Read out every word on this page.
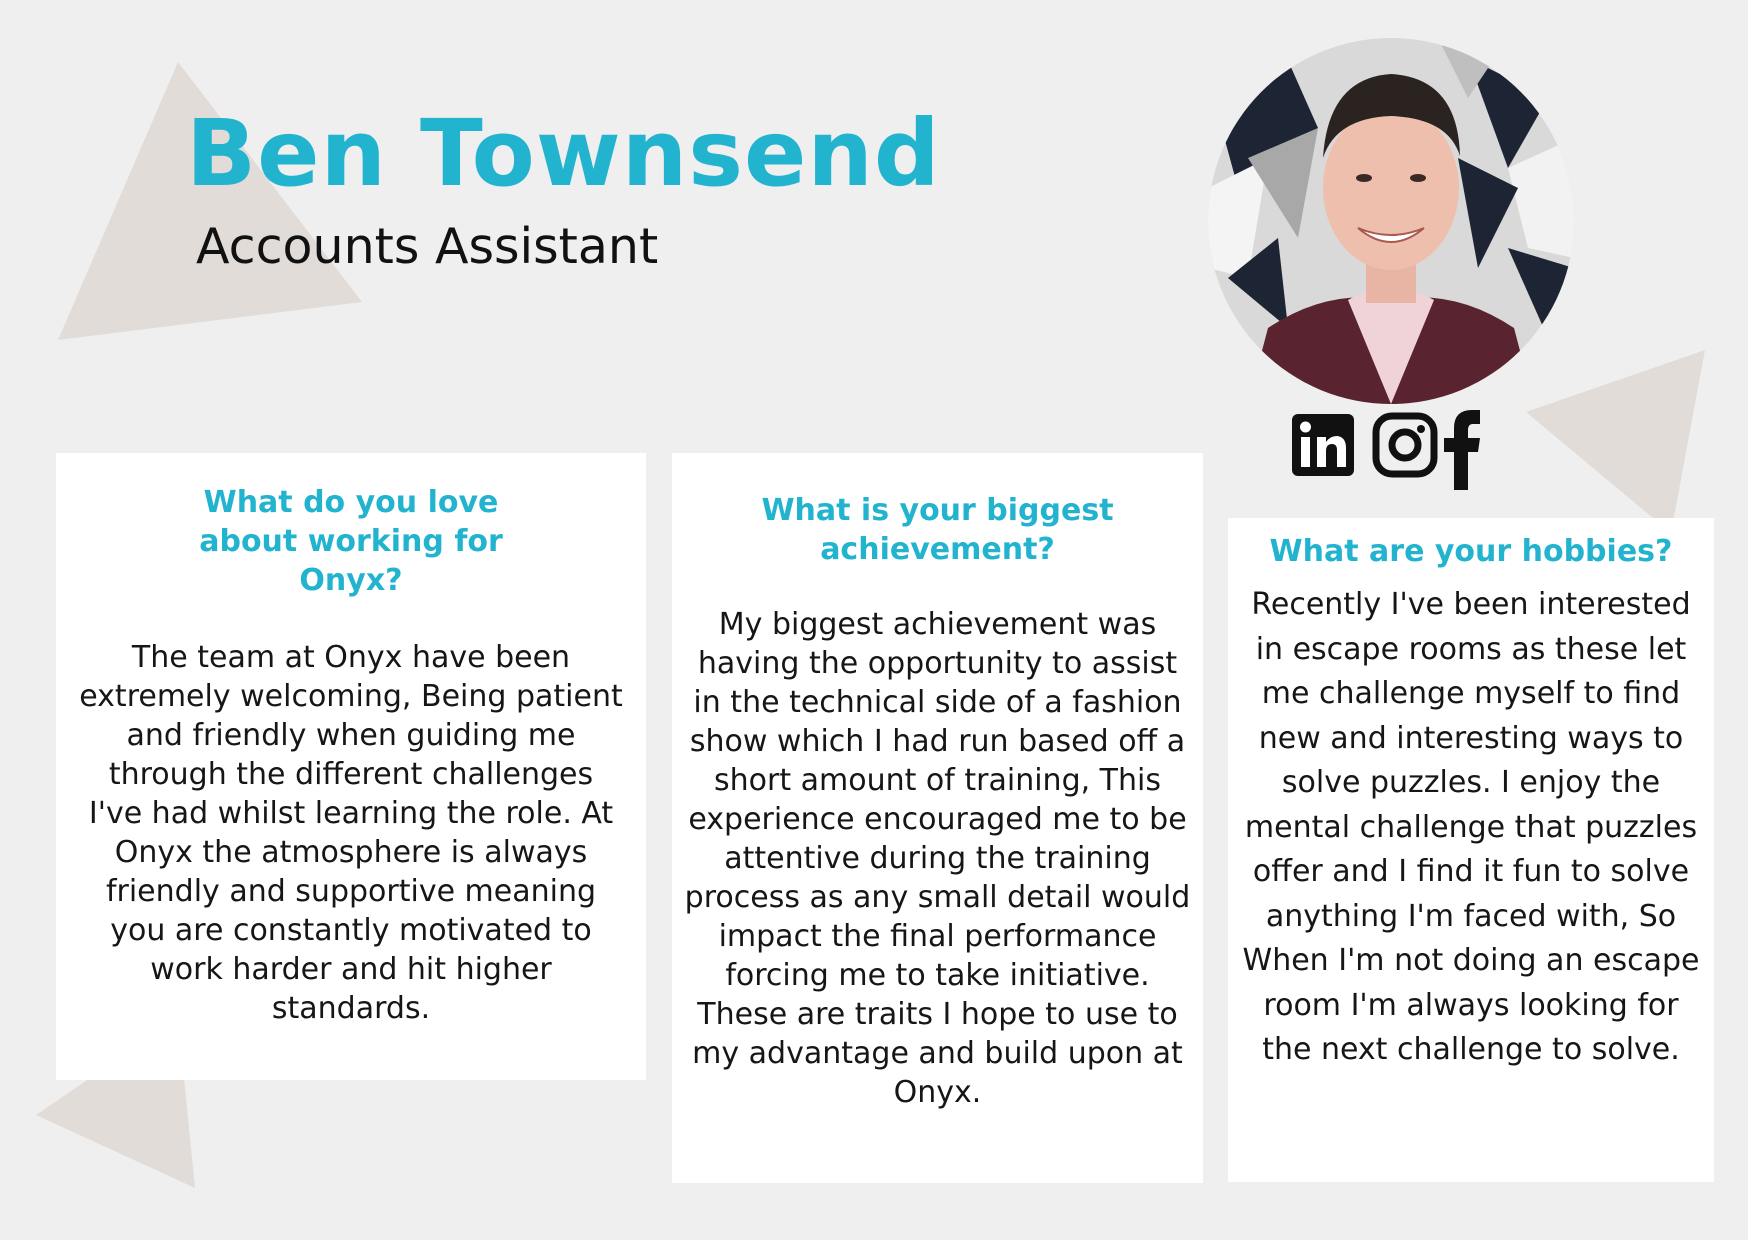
Ben Townsend
Accounts Assistant
What do you love about working for Onyx?

The team at Onyx have been extremely welcoming, Being patient and friendly when guiding me through the different challenges I've had whilst learning the role. At Onyx the atmosphere is always friendly and supportive meaning you are constantly motivated to work harder and hit higher standards.

What is your biggest achievement?

My biggest achievement was having the opportunity to assist in the technical side of a fashion show which I had run based off a short amount of training, This experience encouraged me to be attentive during the training process as any small detail would impact the final performance forcing me to take initiative. These are traits I hope to use to my advantage and build upon at Onyx.

What are your hobbies?

Recently I've been interested in escape rooms as these let me challenge myself to find new and interesting ways to solve puzzles. I enjoy the mental challenge that puzzles offer and I find it fun to solve anything I'm faced with, So When I'm not doing an escape room I'm always looking for the next challenge to solve.
